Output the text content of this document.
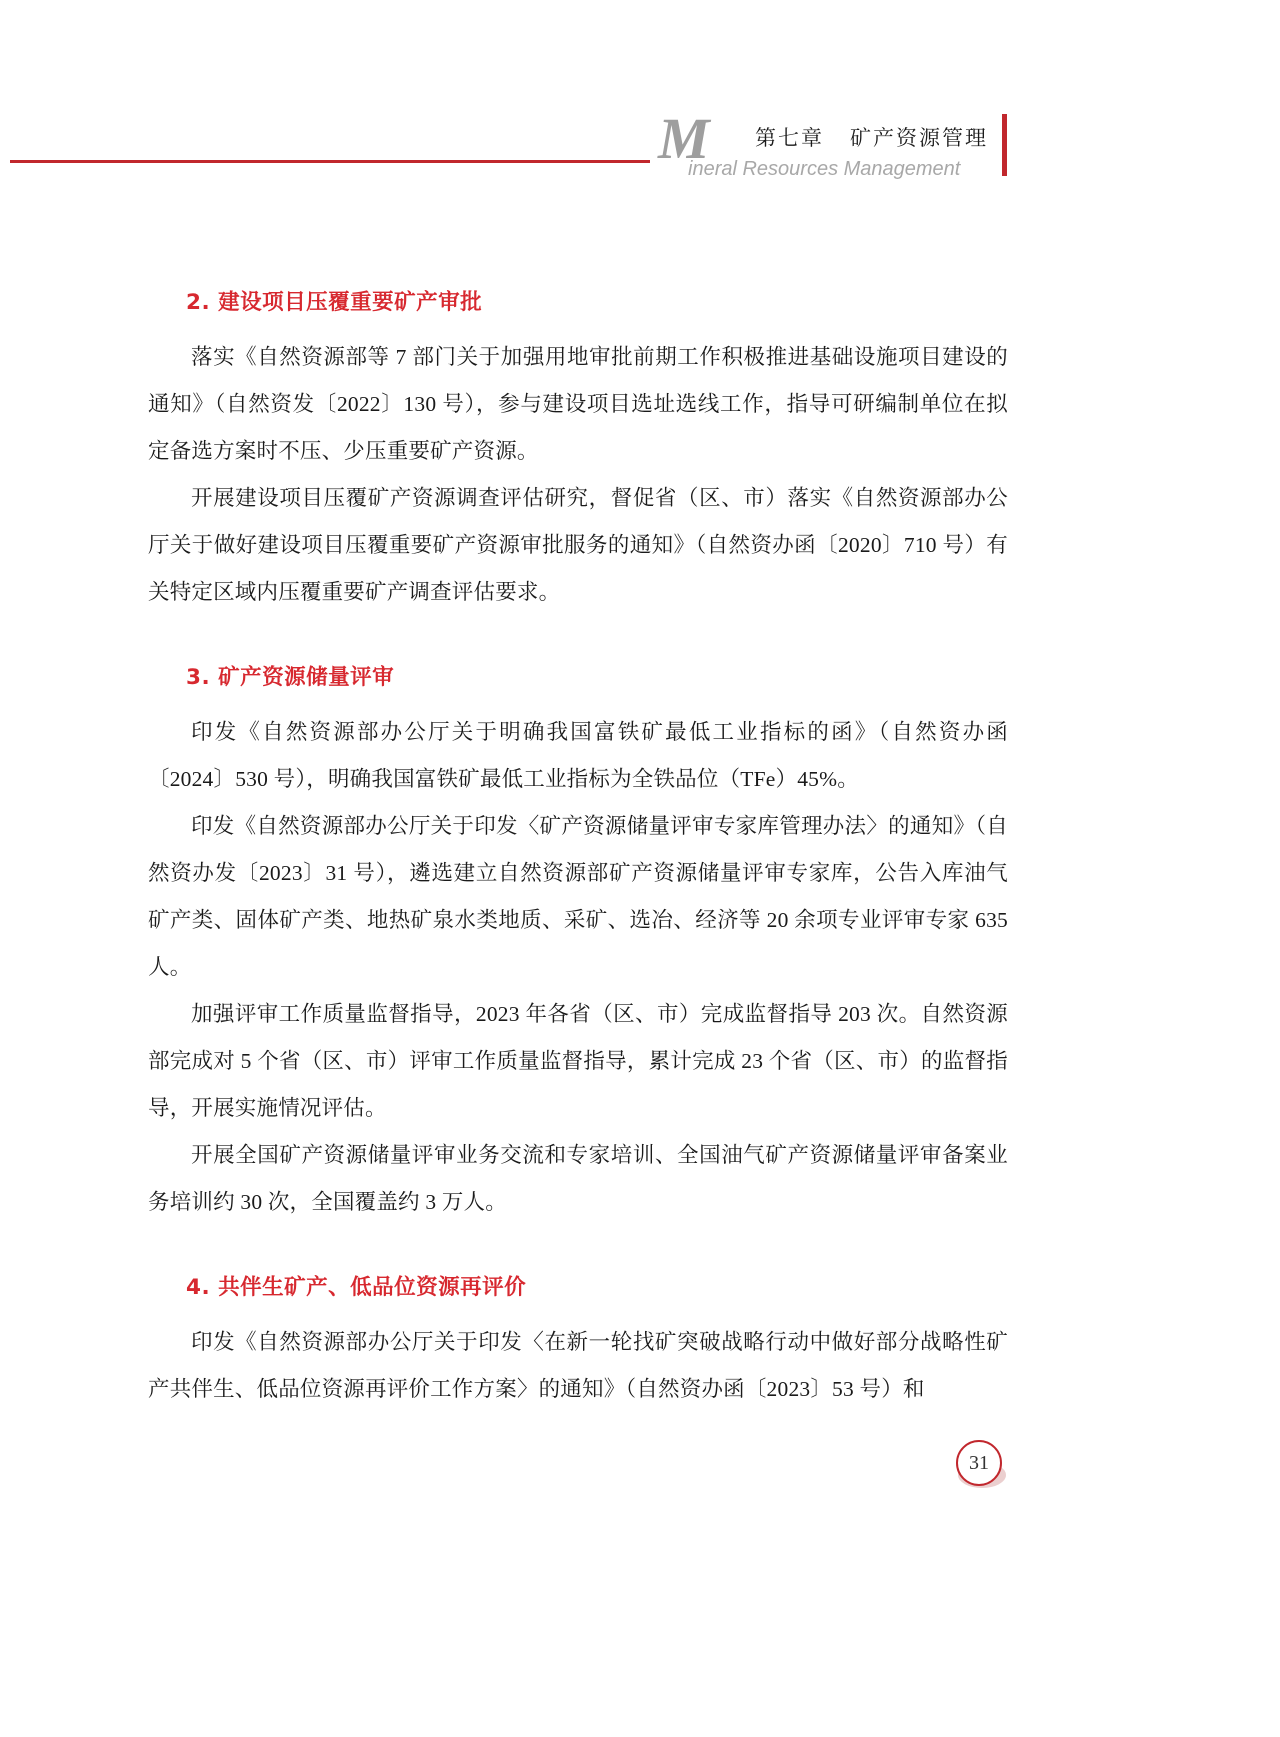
M 第七章 矿产资源管理
ineral Resources Management
2. 建设项目压覆重要矿产审批

落实《自然资源部等 7 部门关于加强用地审批前期工作积极推进基础设施项目建设的通知》（自然资发〔2022〕130 号），参与建设项目选址选线工作，指导可研编制单位在拟定备选方案时不压、少压重要矿产资源。

开展建设项目压覆矿产资源调查评估研究，督促省（区、市）落实《自然资源部办公厅关于做好建设项目压覆重要矿产资源审批服务的通知》（自然资办函〔2020〕710 号）有关特定区域内压覆重要矿产调查评估要求。

3. 矿产资源储量评审

印发《自然资源部办公厅关于明确我国富铁矿最低工业指标的函》（自然资办函〔2024〕530 号），明确我国富铁矿最低工业指标为全铁品位（TFe）45%。

印发《自然资源部办公厅关于印发〈矿产资源储量评审专家库管理办法〉的通知》（自然资办发〔2023〕31 号），遴选建立自然资源部矿产资源储量评审专家库，公告入库油气矿产类、固体矿产类、地热矿泉水类地质、采矿、选冶、经济等 20 余项专业评审专家 635 人。

加强评审工作质量监督指导，2023 年各省（区、市）完成监督指导 203 次。自然资源部完成对 5 个省（区、市）评审工作质量监督指导，累计完成 23 个省（区、市）的监督指导，开展实施情况评估。

开展全国矿产资源储量评审业务交流和专家培训、全国油气矿产资源储量评审备案业务培训约 30 次，全国覆盖约 3 万人。

4. 共伴生矿产、低品位资源再评价

印发《自然资源部办公厅关于印发〈在新一轮找矿突破战略行动中做好部分战略性矿产共伴生、低品位资源再评价工作方案〉的通知》（自然资办函〔2023〕53 号）和

31
